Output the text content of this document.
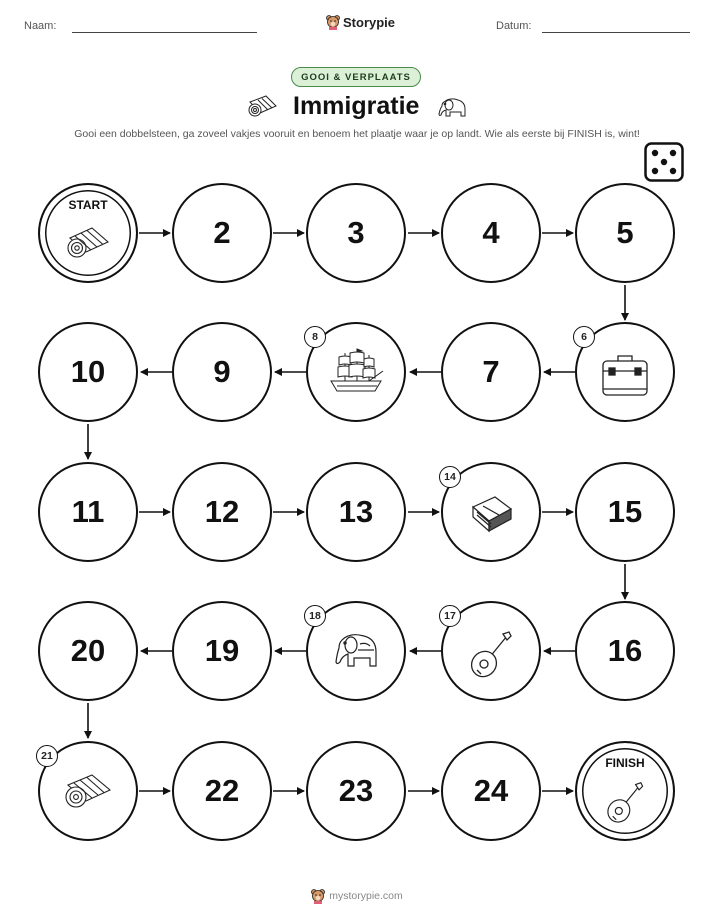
Naam:	Storypie	Datum:
GOOI & VERPLAATS
Immigratie
Gooi een dobbelsteen, ga zoveel vakjes vooruit en benoem het plaatje waar je op landt. Wie als eerste bij FINISH is, wint!
START
2	3	4	5
10	9
8
7
6
11	12	13
14
15
20	19
18	17
16
21
22	23	24
FINISH
mystorypie.com
